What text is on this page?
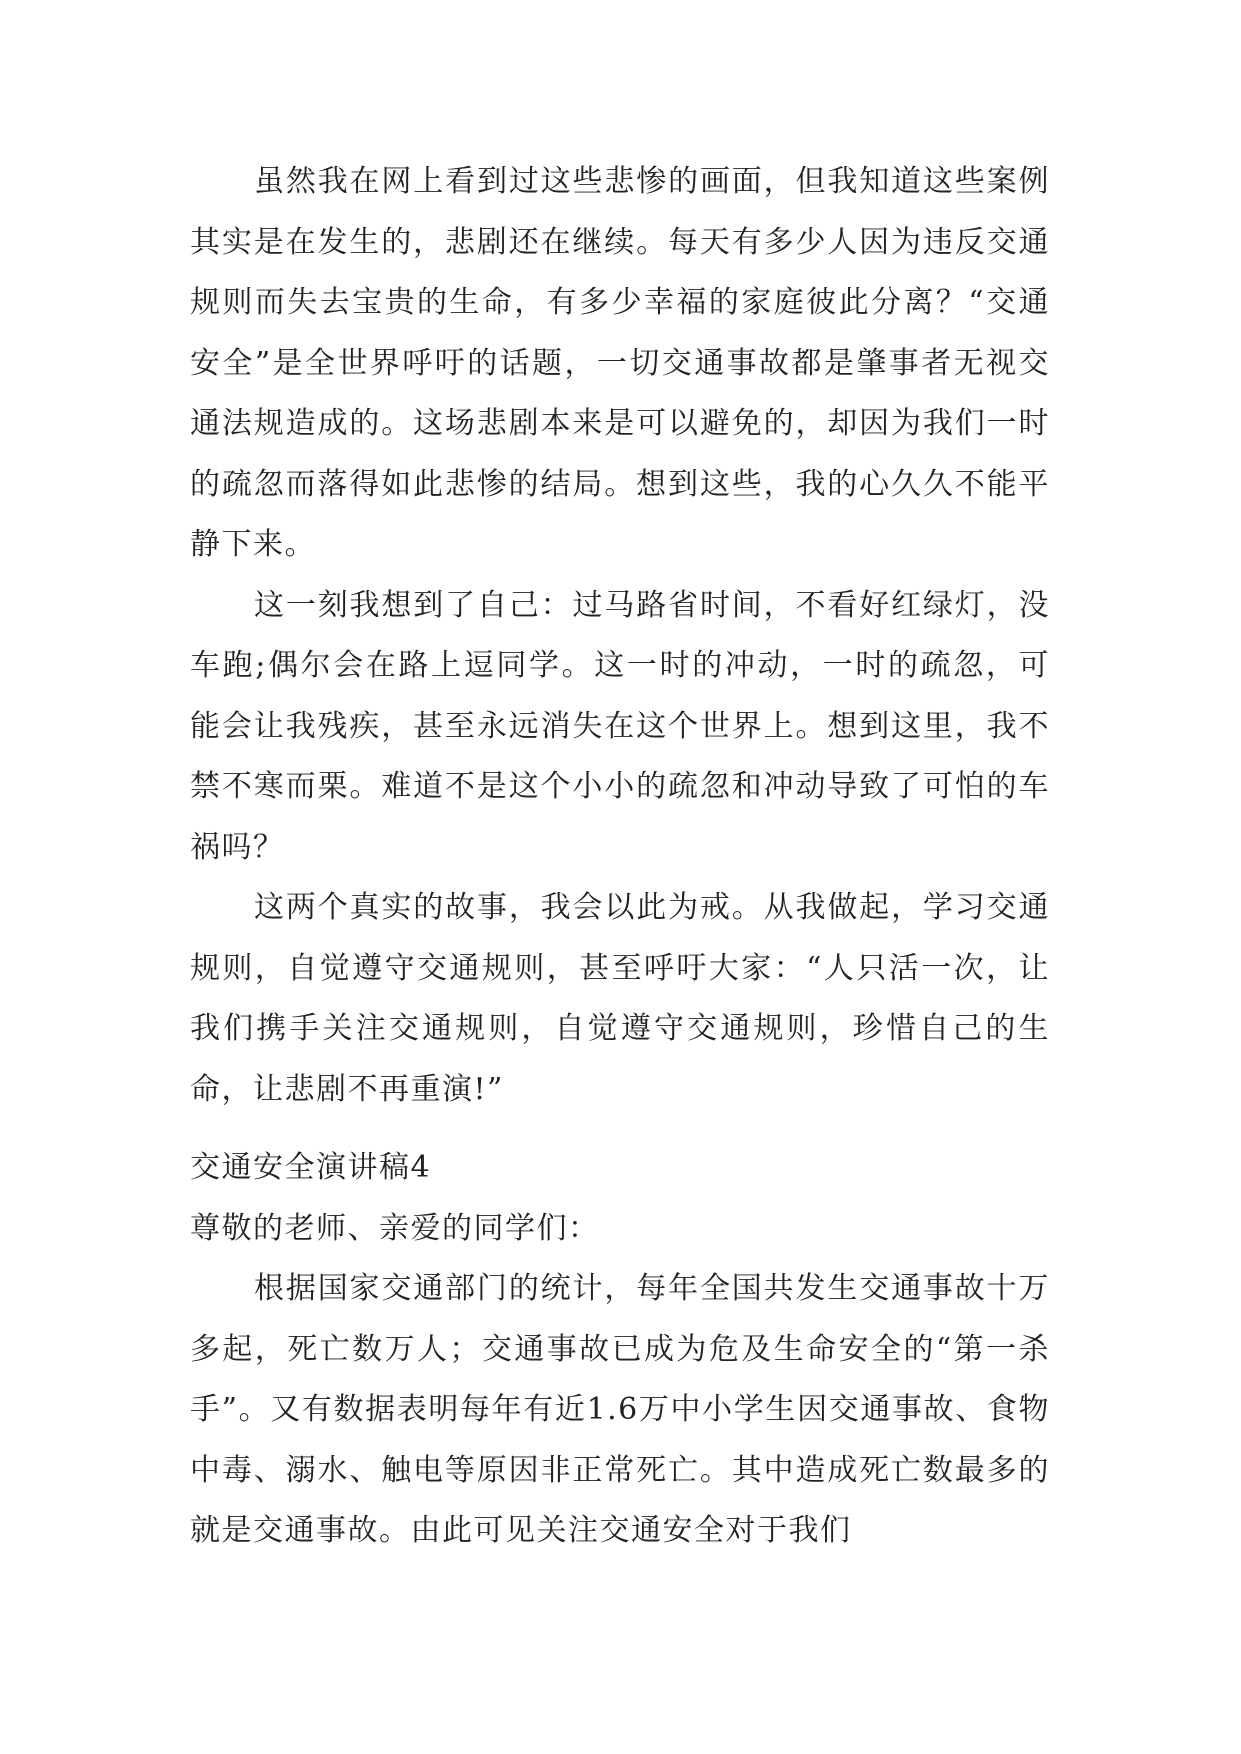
虽然我在网上看到过这些悲惨的画面，但我知道这些案例其实是在发生的，悲剧还在继续。每天有多少人因为违反交通规则而失去宝贵的生命，有多少幸福的家庭彼此分离？“交通安全”是全世界呼吁的话题，一切交通事故都是肇事者无视交通法规造成的。这场悲剧本来是可以避免的，却因为我们一时的疏忽而落得如此悲惨的结局。想到这些，我的心久久不能平静下来。

这一刻我想到了自己：过马路省时间，不看好红绿灯，没车跑;偶尔会在路上逗同学。这一时的冲动，一时的疏忽，可能会让我残疾，甚至永远消失在这个世界上。想到这里，我不禁不寒而栗。难道不是这个小小的疏忽和冲动导致了可怕的车祸吗？

这两个真实的故事，我会以此为戒。从我做起，学习交通规则，自觉遵守交通规则，甚至呼吁大家：“人只活一次，让我们携手关注交通规则，自觉遵守交通规则，珍惜自己的生命，让悲剧不再重演!”

交通安全演讲稿4

尊敬的老师、亲爱的同学们：

根据国家交通部门的统计，每年全国共发生交通事故十万多起，死亡数万人；交通事故已成为危及生命安全的“第一杀手”。又有数据表明每年有近1.6万中小学生因交通事故、食物中毒、溺水、触电等原因非正常死亡。其中造成死亡数最多的就是交通事故。由此可见关注交通安全对于我们
